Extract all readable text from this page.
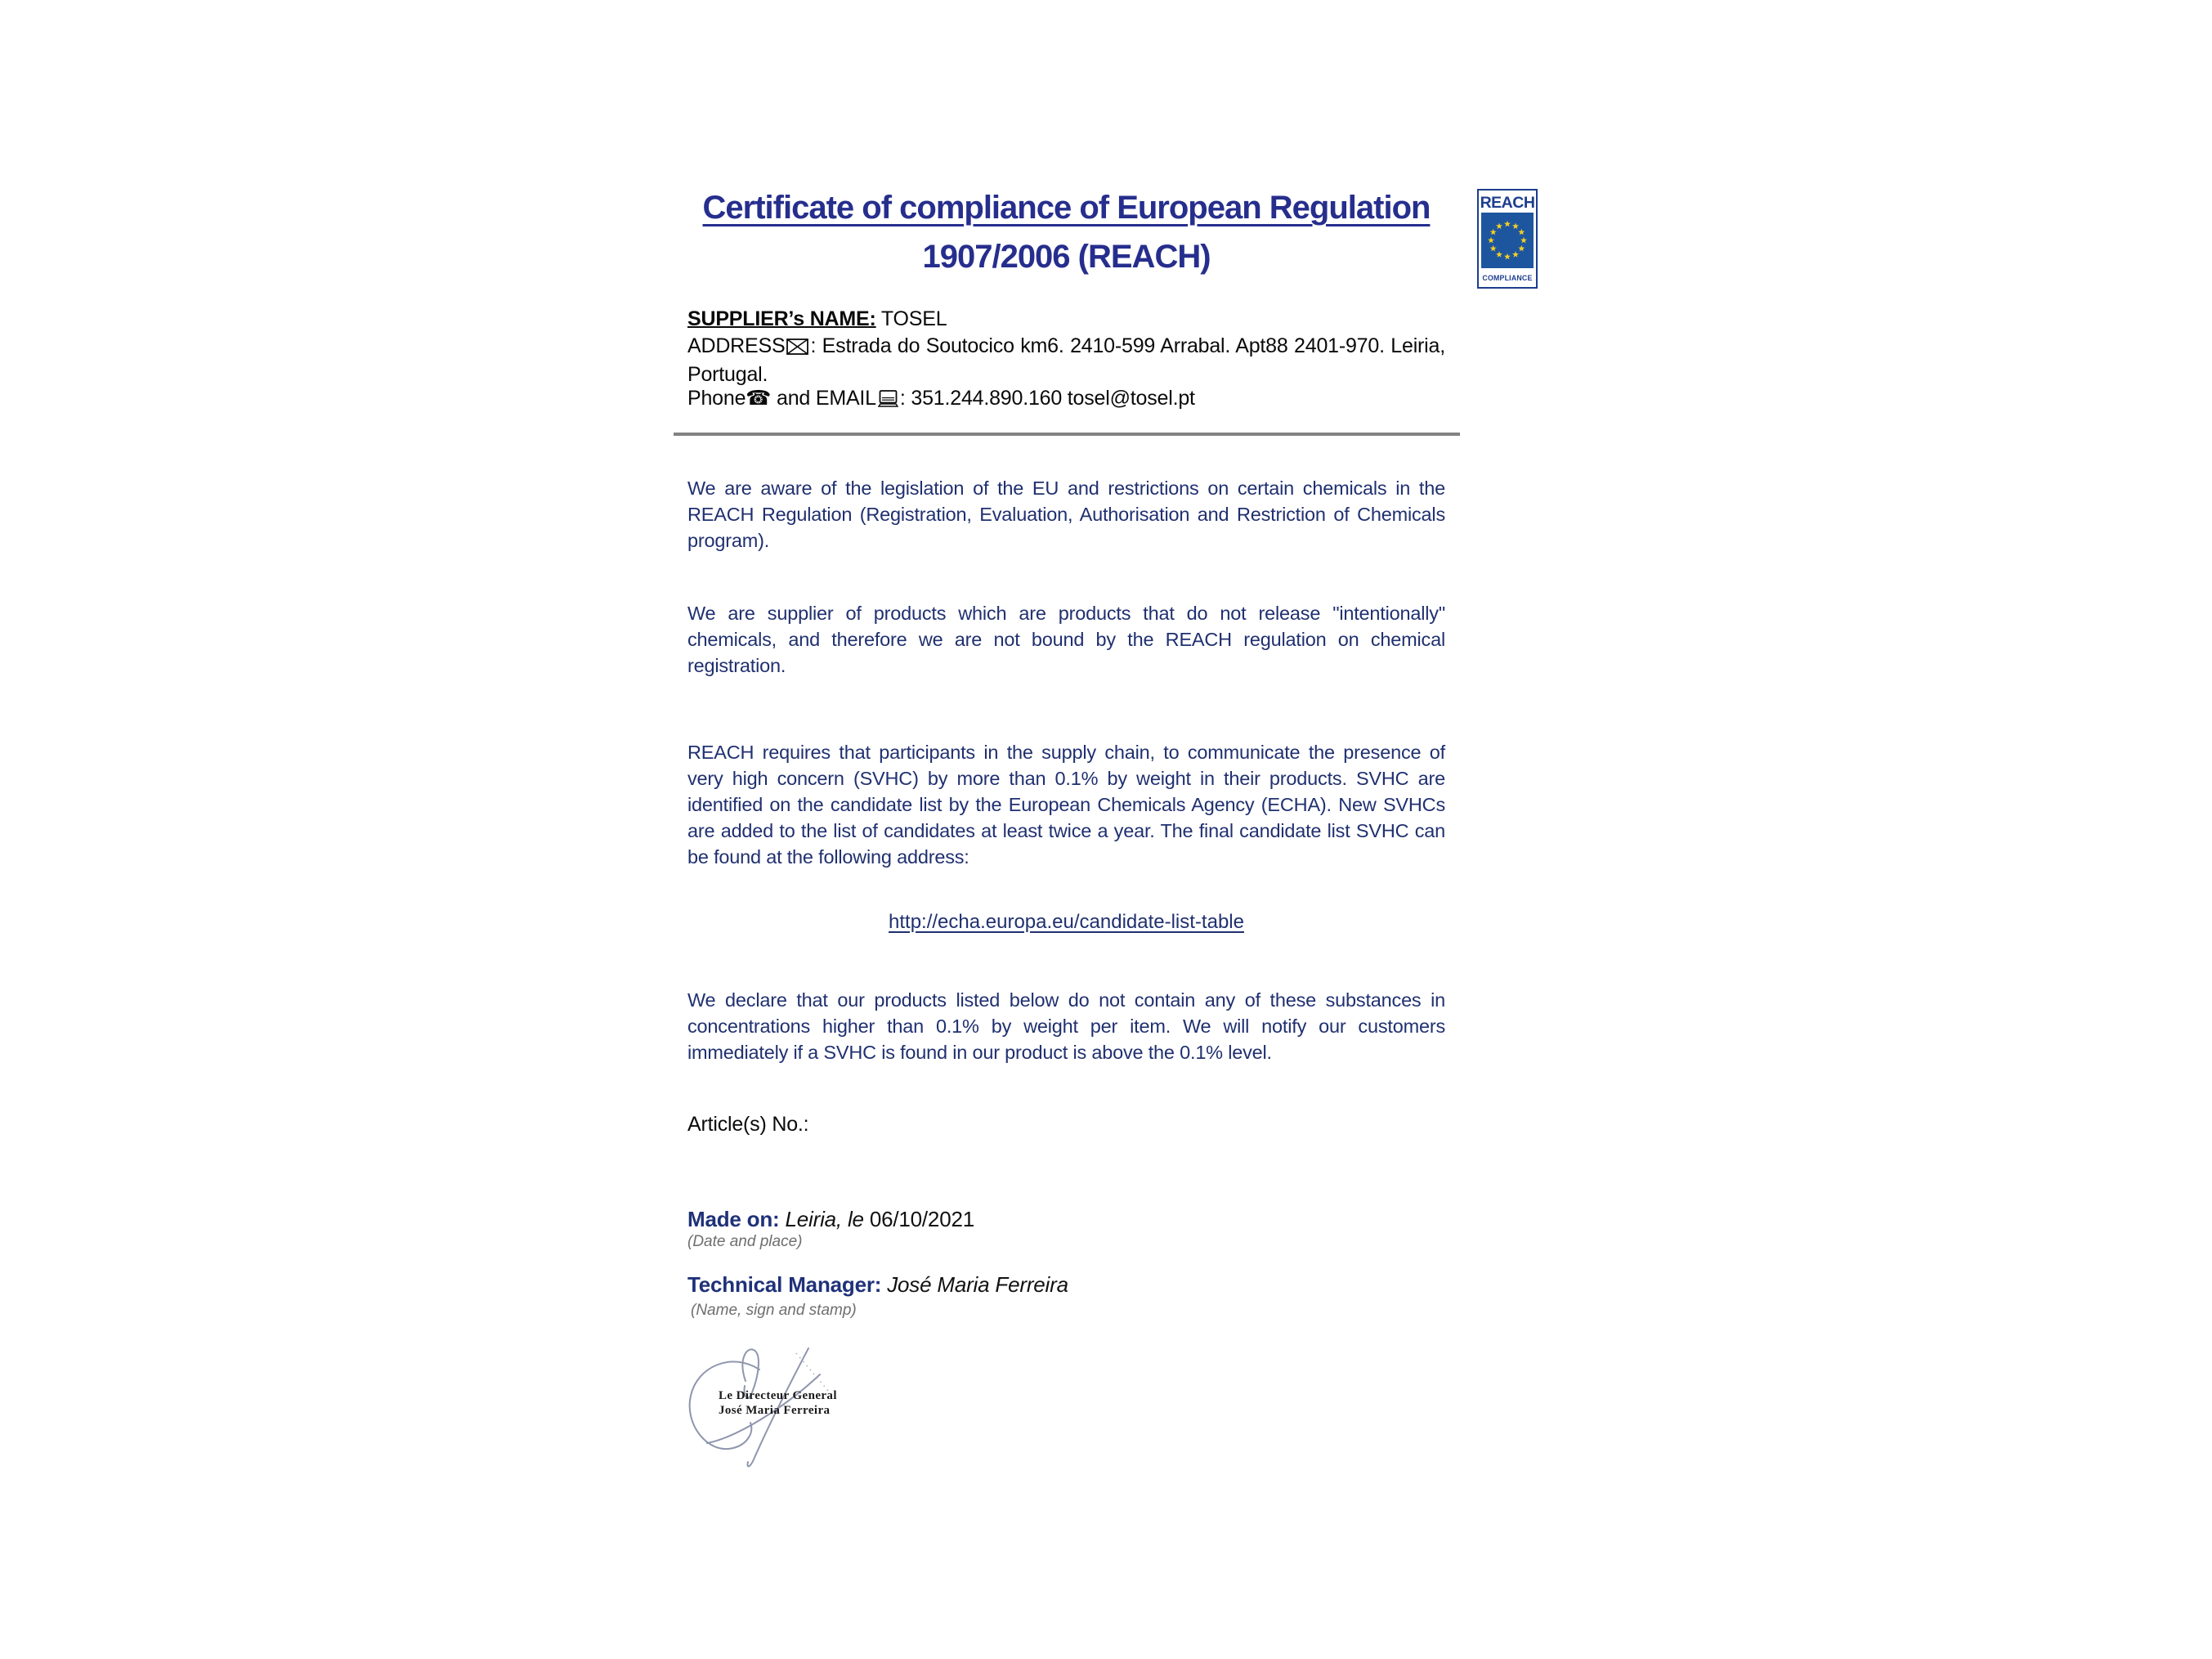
Certificate of compliance of European Regulation
1907/2006 (REACH)
SUPPLIER’s NAME: TOSEL
ADDRESS : Estrada do Soutocico km6. 2410-599 Arrabal. Apt88 2401-970. Leiria, Portugal.
Phone☎ and EMAIL : 351.244.890.160 tosel@tosel.pt
We are aware of the legislation of the EU and restrictions on certain chemicals in the REACH Regulation (Registration, Evaluation, Authorisation and Restriction of Chemicals program).
We are supplier of products which are products that do not release "intentionally" chemicals, and therefore we are not bound by the REACH regulation on chemical registration.
REACH requires that participants in the supply chain, to communicate the presence of very high concern (SVHC) by more than 0.1% by weight in their products. SVHC are identified on the candidate list by the European Chemicals Agency (ECHA). New SVHCs are added to the list of candidates at least twice a year. The final candidate list SVHC can be found at the following address:
http://echa.europa.eu/candidate-list-table
We declare that our products listed below do not contain any of these substances in concentrations higher than 0.1% by weight per item. We will notify our customers immediately if a SVHC is found in our product is above the 0.1% level.
Article(s) No.:
Made on: Leiria, le 06/10/2021
(Date and place)
Technical Manager: José Maria Ferreira
(Name, sign and stamp)
Le Directeur General
José Maria Ferreira
REACH
COMPLIANCE
